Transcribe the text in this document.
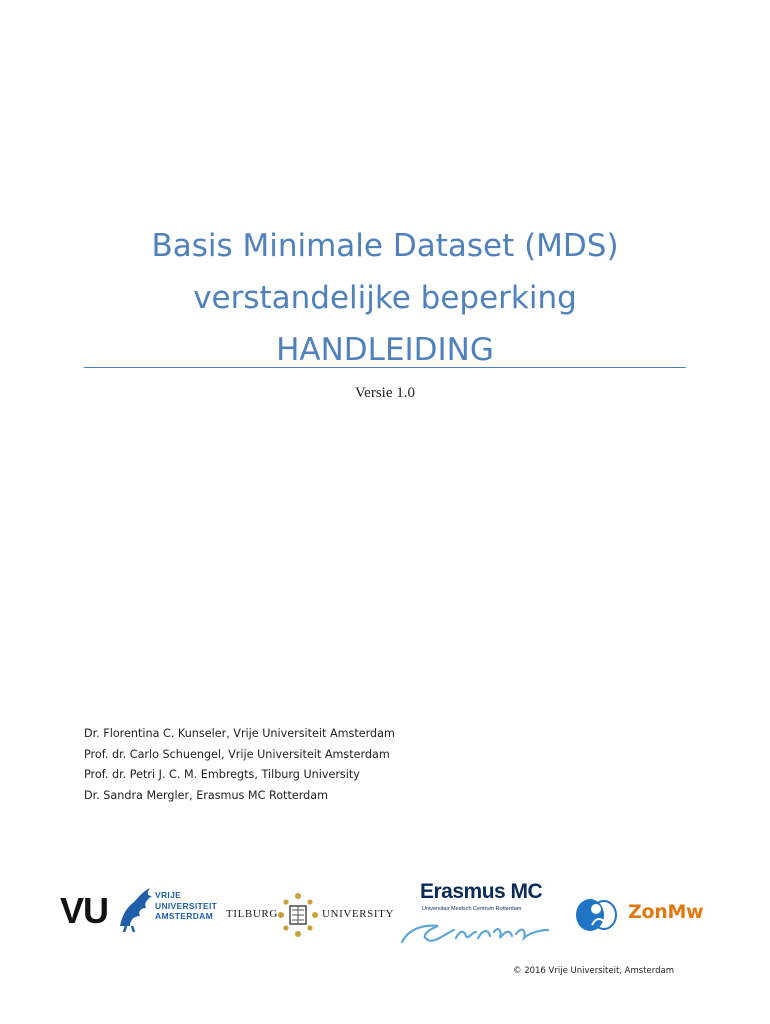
Basis Minimale Dataset (MDS)
verstandelijke beperking
HANDLEIDING
Versie 1.0
Dr. Florentina C. Kunseler, Vrije Universiteit Amsterdam
Prof. dr. Carlo Schuengel, Vrije Universiteit Amsterdam
Prof. dr. Petri J. C. M. Embregts, Tilburg University
Dr. Sandra Mergler, Erasmus MC Rotterdam
VU	VRIJE
UNIVERSITEIT
AMSTERDAM	TILBURG	UNIVERSITY
Erasmus MC
Universitair Medisch Centrum Rotterdam	ZonMw
© 2016 Vrije Universiteit, Amsterdam
